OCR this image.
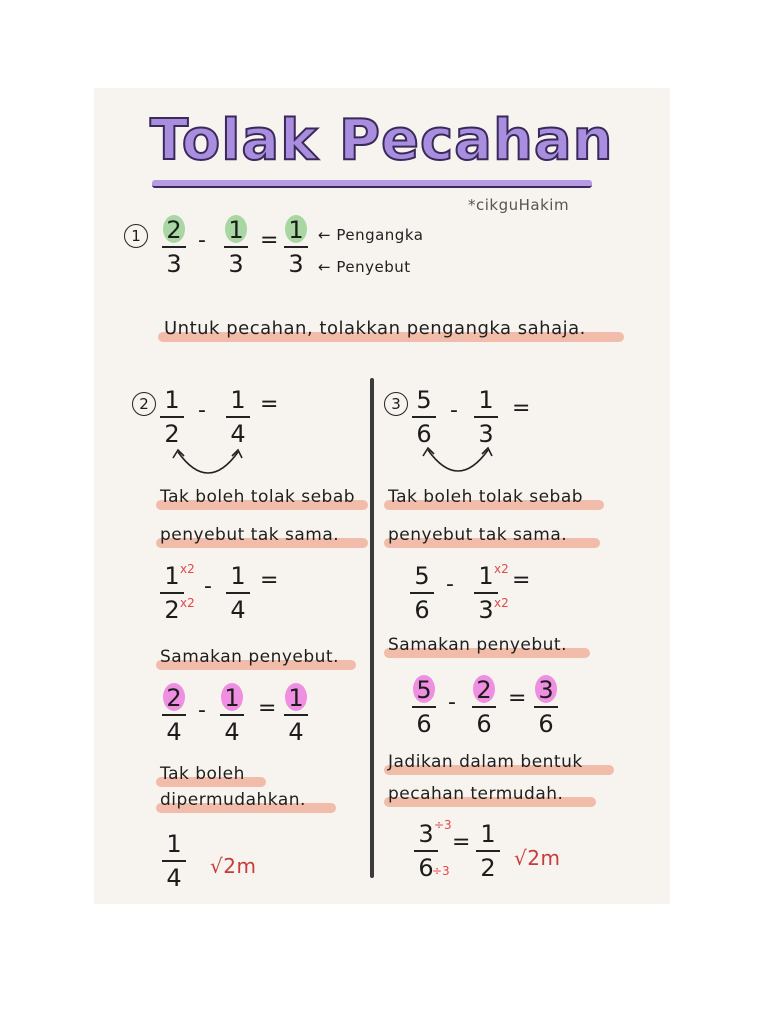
Tolak Pecahan
*cikguHakim
1	2
3
- 1
3
= 1
3
← Pengangka
← Penyebut
Untuk pecahan, tolakkan pengangka sahaja.
2 1
2
- 1
4
=
Tak boleh tolak sebab
penyebut tak sama.
1
2
x2
x2
- 1
4
=
Samakan penyebut.
2
4
- 1
4
= 1
4
Tak boleh
dipermudahkan.
1
4	√2m
3 5
6
- 1
3
=
Tak boleh tolak sebab
penyebut tak sama.
5
6
- 1
3
x2
x2
=
Samakan penyebut.
5
6
- 2
6
= 3
6
Jadikan dalam bentuk
pecahan termudah.
3
6
÷3
÷3
= 1
2 √2m
